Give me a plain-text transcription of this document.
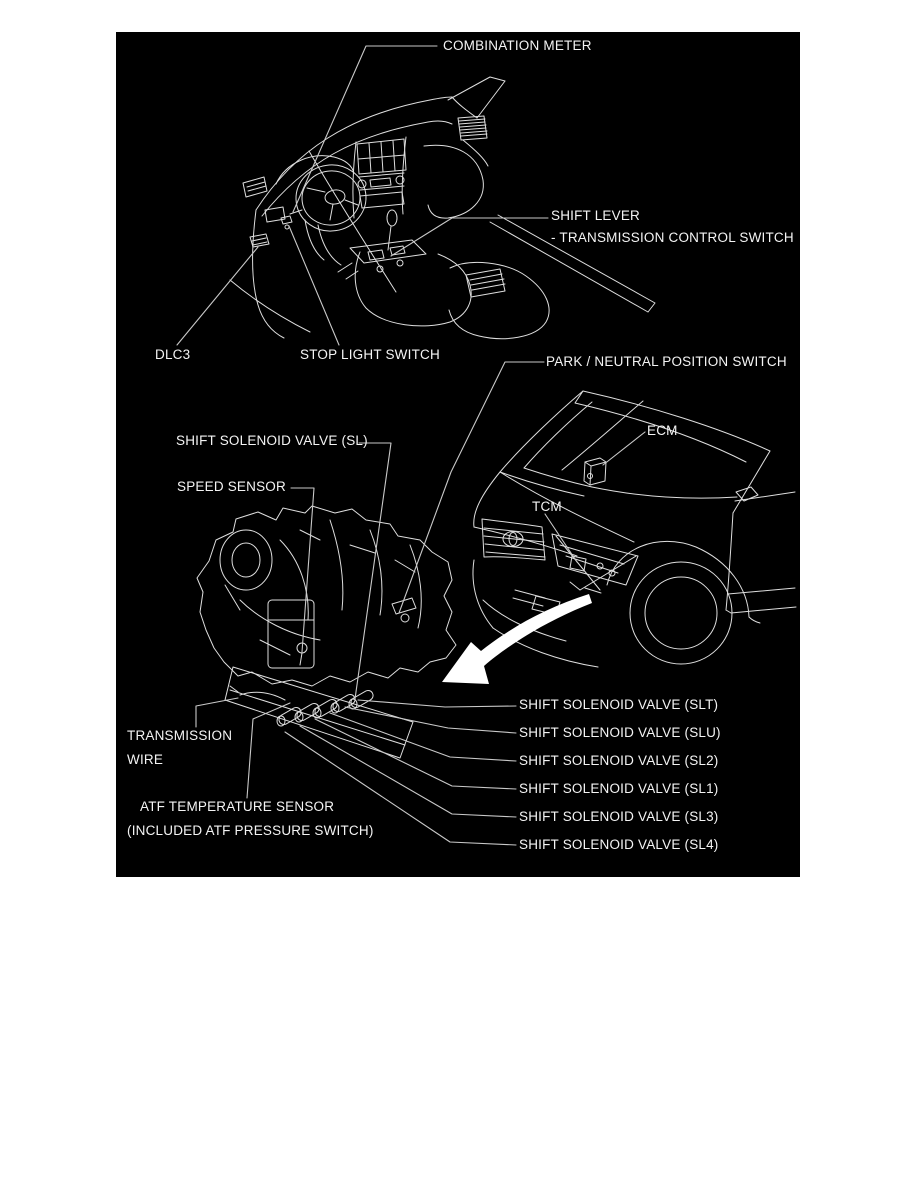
COMBINATION METER
SHIFT LEVER
- TRANSMISSION CONTROL SWITCH
DLC3	STOP LIGHT SWITCH	PARK / NEUTRAL POSITION SWITCH
ECM
TCM
SHIFT SOLENOID VALVE (SL)
SPEED SENSOR
TRANSMISSION
WIRE
ATF TEMPERATURE SENSOR
(INCLUDED ATF PRESSURE SWITCH)
SHIFT SOLENOID VALVE (SLT)
SHIFT SOLENOID VALVE (SLU)
SHIFT SOLENOID VALVE (SL2)
SHIFT SOLENOID VALVE (SL1)
SHIFT SOLENOID VALVE (SL3)
SHIFT SOLENOID VALVE (SL4)
